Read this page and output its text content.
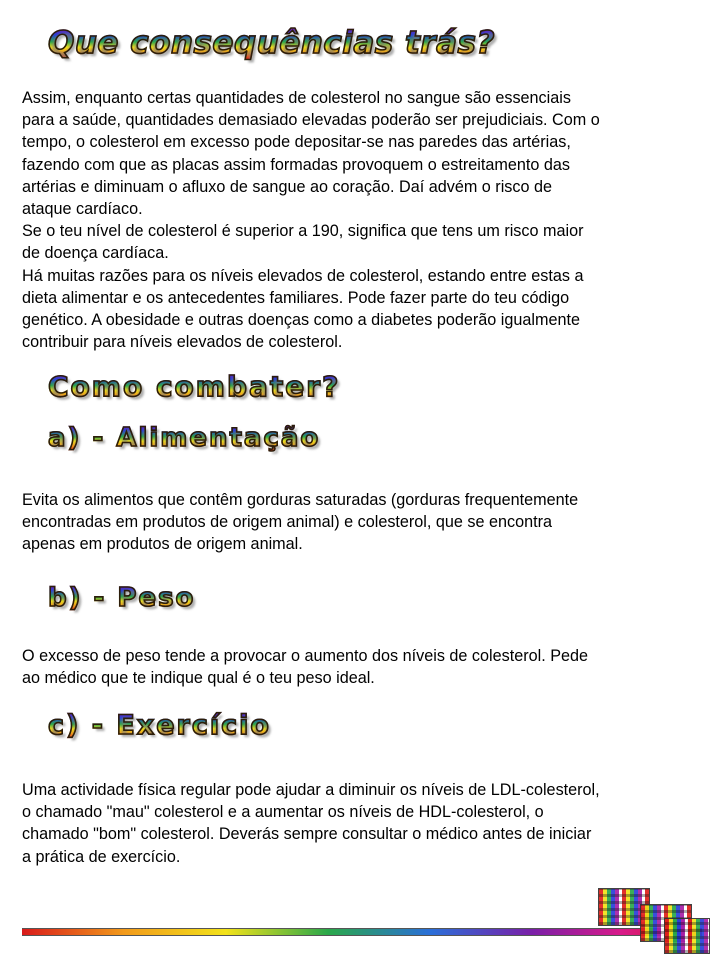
Que consequências trás?

Assim, enquanto certas quantidades de colesterol no sangue são essenciais
para a saúde, quantidades demasiado elevadas poderão ser prejudiciais. Com o
tempo, o colesterol em excesso pode depositar-se nas paredes das artérias,
fazendo com que as placas assim formadas provoquem o estreitamento das
artérias e diminuam o afluxo de sangue ao coração. Daí advém o risco de
ataque cardíaco.
Se o teu nível de colesterol é superior a 190, significa que tens um risco maior
de doença cardíaca.
Há muitas razões para os níveis elevados de colesterol, estando entre estas a
dieta alimentar e os antecedentes familiares. Pode fazer parte do teu código
genético. A obesidade e outras doenças como a diabetes poderão igualmente
contribuir para níveis elevados de colesterol.

Como combater?
a) - Alimentação

Evita os alimentos que contêm gorduras saturadas (gorduras frequentemente
encontradas em produtos de origem animal) e colesterol, que se encontra
apenas em produtos de origem animal.

b) - Peso

O excesso de peso tende a provocar o aumento dos níveis de colesterol. Pede
ao médico que te indique qual é o teu peso ideal.

c) - Exercício

Uma actividade física regular pode ajudar a diminuir os níveis de LDL-colesterol,
o chamado "mau" colesterol e a aumentar os níveis de HDL-colesterol, o
chamado "bom" colesterol. Deverás sempre consultar o médico antes de iniciar
a prática de exercício.
